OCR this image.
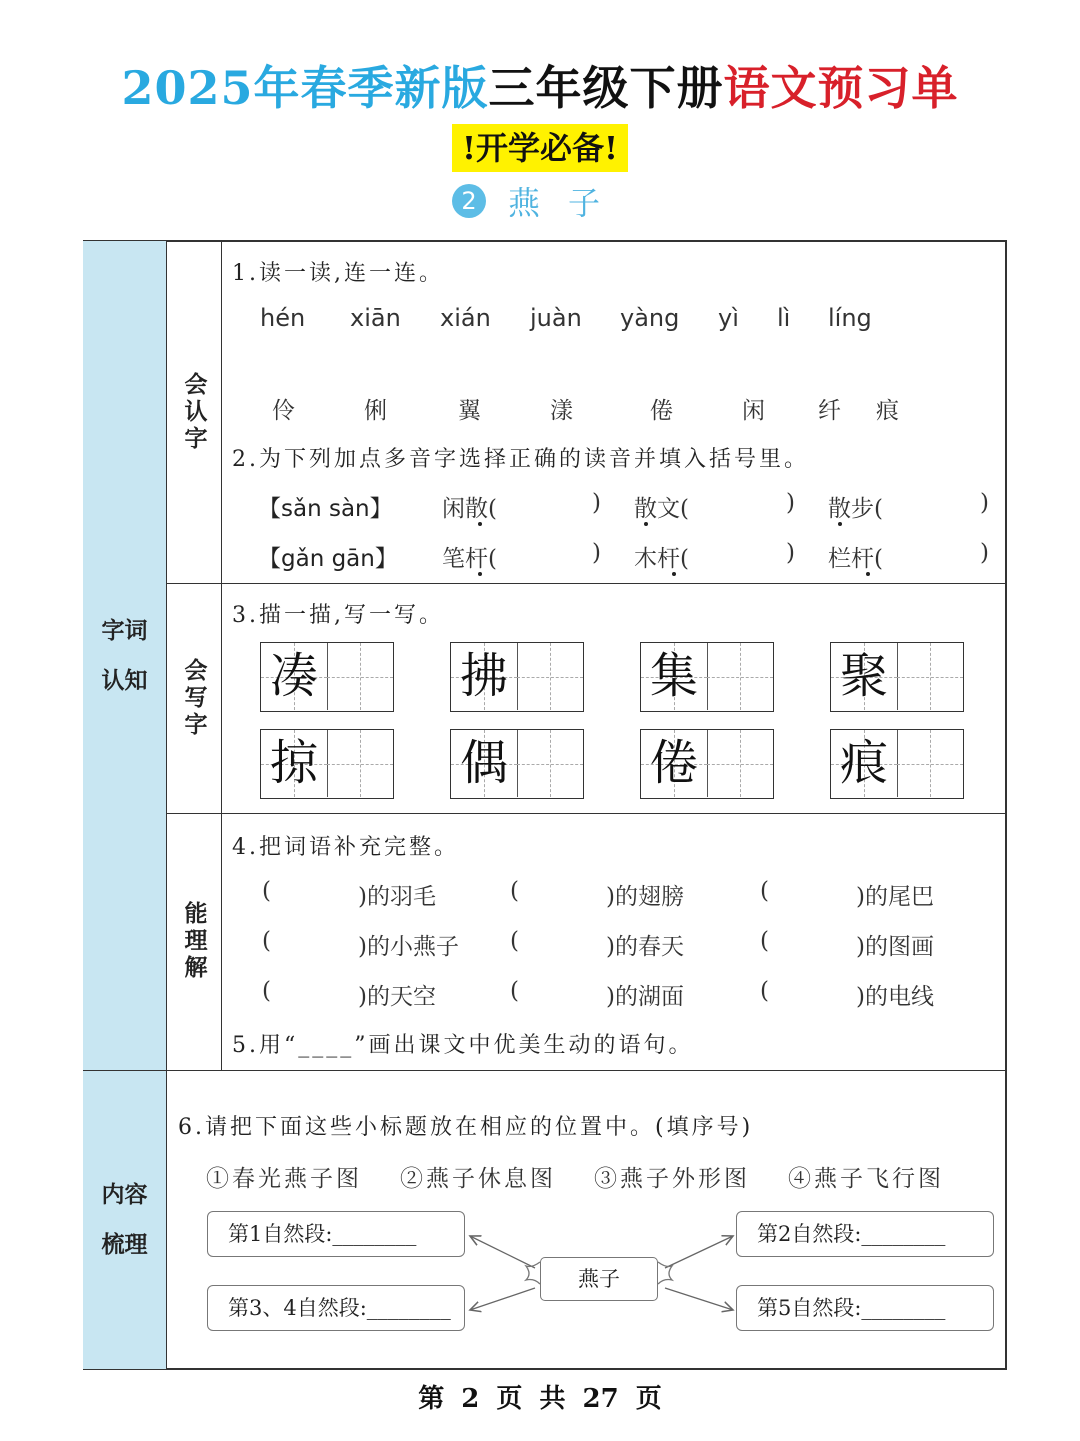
2025年春季新版三年级下册语文预习单
!开学必备!
2 燕子
字词认知
内容梳理
会认字
会写字
能理解
1.读一读,连一连。
hén xiān xián juàn yàng yì lì líng
伶	俐	翼	漾	倦	闲 纤 痕
2.为下列加点多音字选择正确的读音并填入括号里。
【sǎn sàn】 闲散(	) 散文(	) 散步(	)
【gǎn gān】 笔杆(	) 木杆(	) 栏杆(	)
3.描一描,写一写。
凑	拂	集	聚
掠	偶	倦	痕
4.把词语补充完整。
(	)的羽毛	(	)的翅膀	(	)的尾巴
(	)的小燕子 (	)的春天	(	)的图画
(	)的天空	(	)的湖面	(	)的电线
5.用“____”画出课文中优美生动的语句。
6.请把下面这些小标题放在相应的位置中。(填序号)
①春光燕子图 ②燕子休息图 ③燕子外形图 ④燕子飞行图
燕子
第1自然段:________	第2自然段:________
第3、4自然段:________	第5自然段:________
第 2 页 共 27 页
